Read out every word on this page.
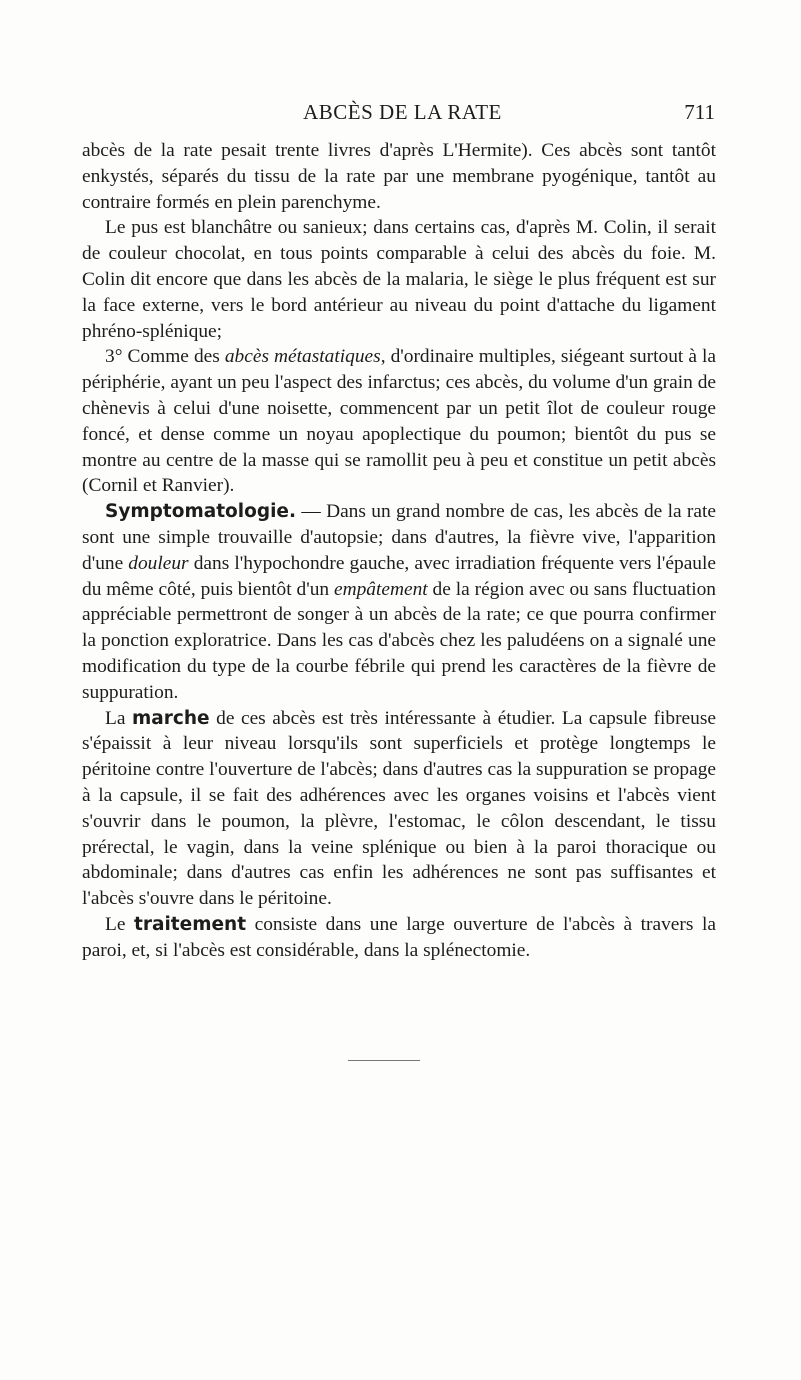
ABCÈS DE LA RATE	711

abcès de la rate pesait trente livres d'après L'Hermite). Ces abcès sont tantôt enkystés, séparés du tissu de la rate par une membrane pyogénique, tantôt au contraire formés en plein parenchyme.

Le pus est blanchâtre ou sanieux; dans certains cas, d'après M. Colin, il serait de couleur chocolat, en tous points comparable à celui des abcès du foie. M. Colin dit encore que dans les abcès de la malaria, le siège le plus fréquent est sur la face externe, vers le bord antérieur au niveau du point d'attache du ligament phréno-splénique;

3° Comme des abcès métastatiques, d'ordinaire multiples, siégeant surtout à la périphérie, ayant un peu l'aspect des infarctus; ces abcès, du volume d'un grain de chènevis à celui d'une noisette, commencent par un petit îlot de couleur rouge foncé, et dense comme un noyau apoplectique du poumon; bientôt du pus se montre au centre de la masse qui se ramollit peu à peu et constitue un petit abcès (Cornil et Ranvier).

Symptomatologie. — Dans un grand nombre de cas, les abcès de la rate sont une simple trouvaille d'autopsie; dans d'autres, la fièvre vive, l'apparition d'une douleur dans l'hypochondre gauche, avec irradiation fréquente vers l'épaule du même côté, puis bientôt d'un empâtement de la région avec ou sans fluctuation appréciable permettront de songer à un abcès de la rate; ce que pourra confirmer la ponction exploratrice. Dans les cas d'abcès chez les paludéens on a signalé une modification du type de la courbe fébrile qui prend les caractères de la fièvre de suppuration.

La marche de ces abcès est très intéressante à étudier. La capsule fibreuse s'épaissit à leur niveau lorsqu'ils sont superficiels et protège longtemps le péritoine contre l'ouverture de l'abcès; dans d'autres cas la suppuration se propage à la capsule, il se fait des adhérences avec les organes voisins et l'abcès vient s'ouvrir dans le poumon, la plèvre, l'estomac, le côlon descendant, le tissu prérectal, le vagin, dans la veine splénique ou bien à la paroi thoracique ou abdominale; dans d'autres cas enfin les adhérences ne sont pas suffisantes et l'abcès s'ouvre dans le péritoine.

Le traitement consiste dans une large ouverture de l'abcès à travers la paroi, et, si l'abcès est considérable, dans la splénectomie.
